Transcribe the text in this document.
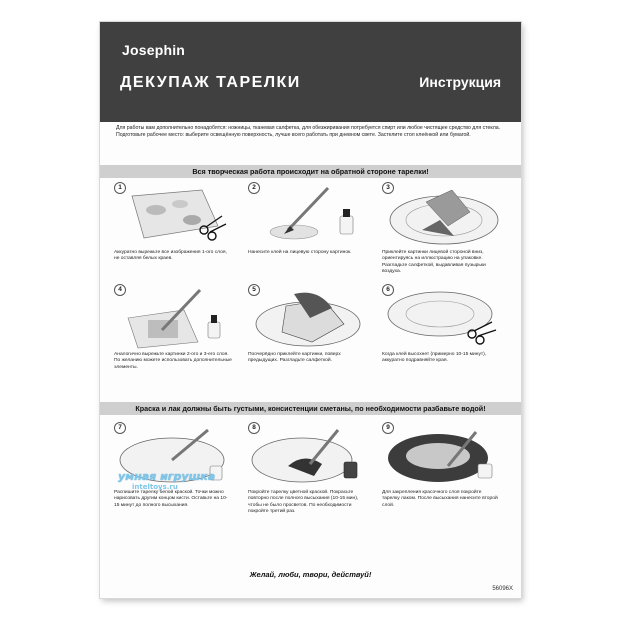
Josephin
ДЕКУПАЖ ТАРЕЛКИ	Инструкция
Для работы вам дополнительно понадобятся: ножницы, тканевая салфетка, для обезжиривания потребуется спирт или любое чистящее средство для стекла. Подготовьте рабочее место: выберите освещённую поверхность, лучше всего работать при дневном свете. Застелите стол клеёнкой или бумагой.
Вся творческая работа происходит на обратной стороне тарелки!
1
Аккуратно вырежьте все изображения 1-ого слоя, не оставляя белых краев.
2
Нанесите клей на лицевую сторону картинок.
3
Приклейте картинки лицевой стороной вниз, ориентируясь на иллюстрацию на упаковке. Разгладьте салфеткой, выдавливая пузырьки воздуха.
4
Аналогично вырежьте картинки 2-ого и 3-его слоя. По желанию можете использовать дополнительные элементы.
5
Поочерёдно приклейте картинки, поверх предыдущих. Разгладьте салфеткой.
6
Когда клей высохнет (примерно 10-15 минут), аккуратно подравняйте края.
Краска и лак должны быть густыми, консистенции сметаны, по необходимости разбавьте водой!
7
Распишите тарелку белой краской. Точки можно нарисовать другим концом кисти. Оставьте на 10-15 минут до полного высыхания.
8
Покройте тарелку цветной краской. Покрасьте повторно после полного высыхания (10-15 мин), чтобы не было просветов. По необходимости покройте третий раз.
9
Для закрепления красочного слоя покройте тарелку лаком. После высыхания нанесите второй слой.
Желай, люби, твори, действуй!
56096X
умная игрушка
inteltoys.ru
